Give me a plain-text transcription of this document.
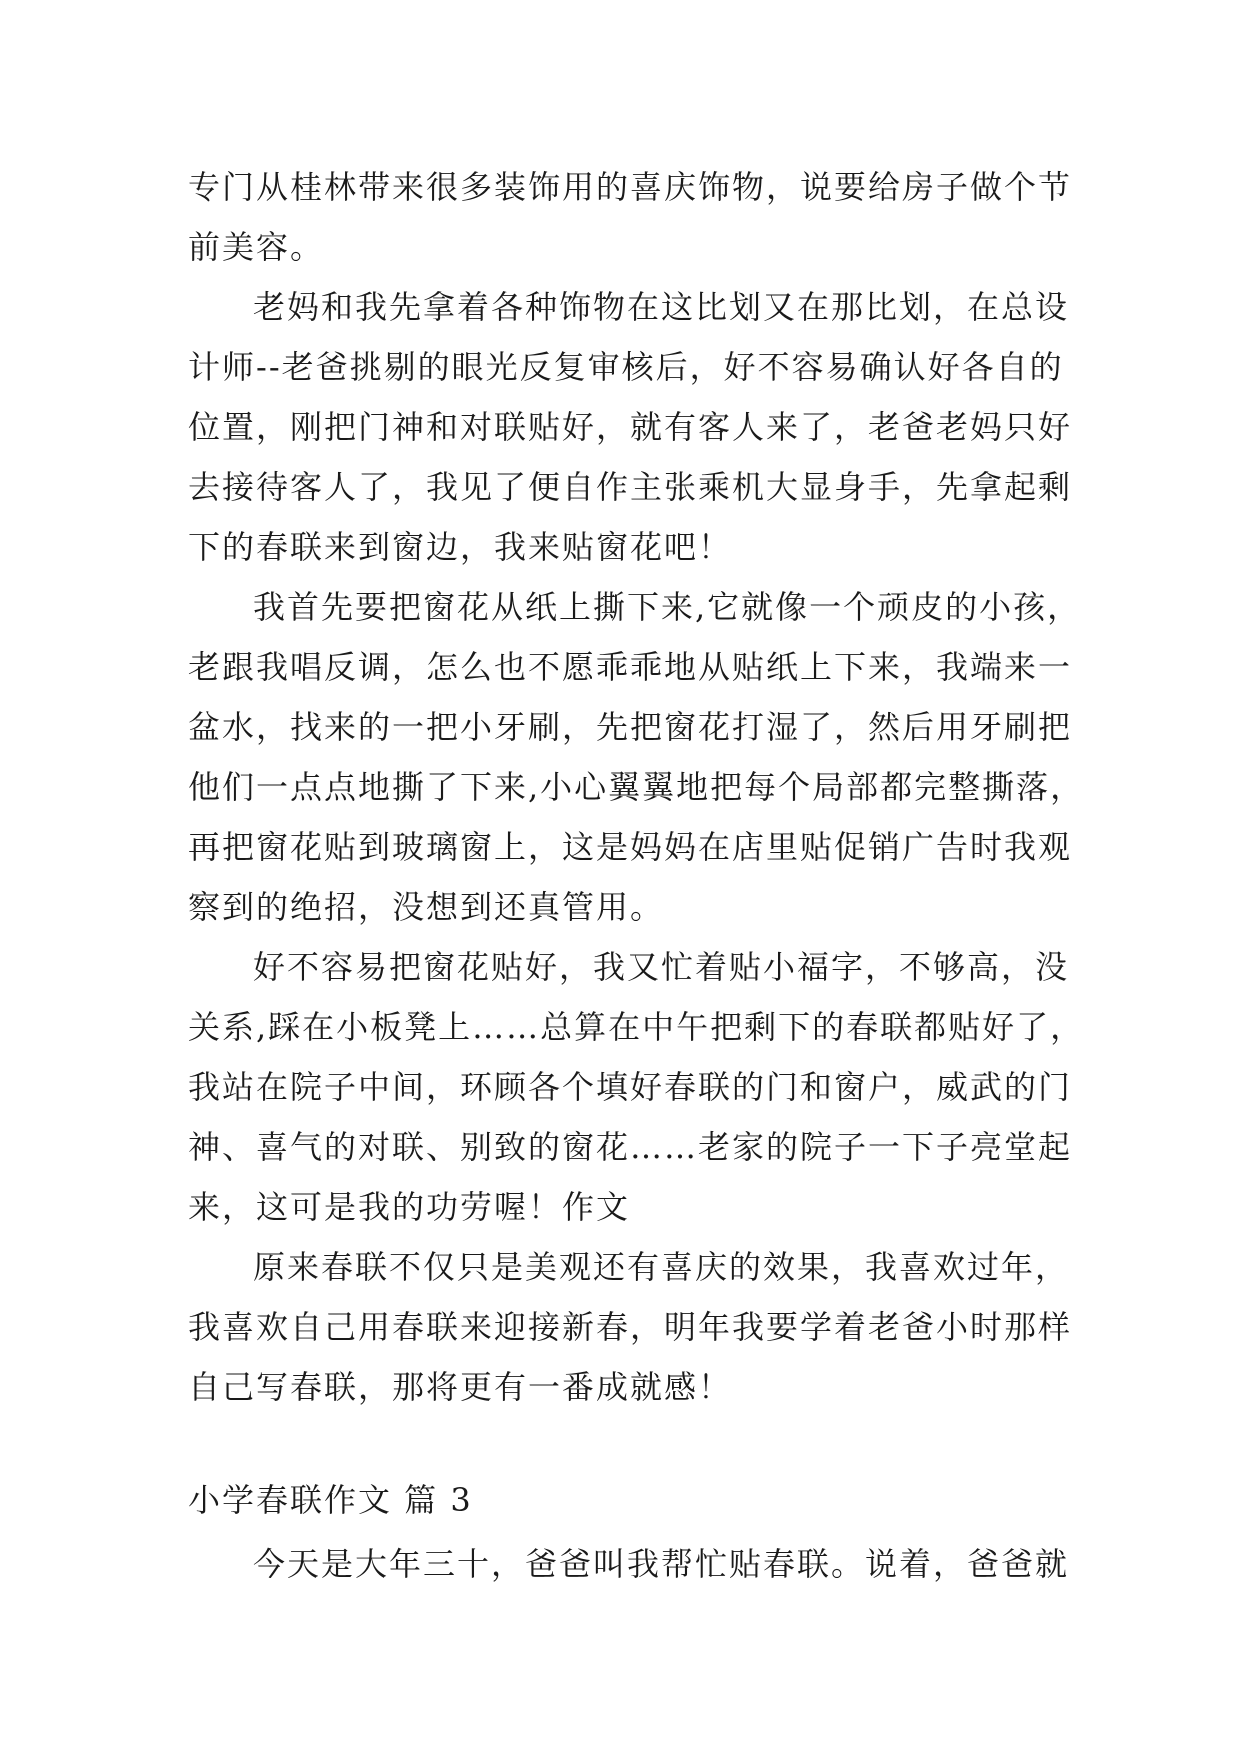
专门从桂林带来很多装饰用的喜庆饰物，说要给房子做个节
前美容。
老妈和我先拿着各种饰物在这比划又在那比划，在总设
计师--老爸挑剔的眼光反复审核后，好不容易确认好各自的
位置，刚把门神和对联贴好，就有客人来了，老爸老妈只好
去接待客人了，我见了便自作主张乘机大显身手，先拿起剩
下的春联来到窗边，我来贴窗花吧！
我首先要把窗花从纸上撕下来,它就像一个顽皮的小孩，
老跟我唱反调，怎么也不愿乖乖地从贴纸上下来，我端来一
盆水，找来的一把小牙刷，先把窗花打湿了，然后用牙刷把
他们一点点地撕了下来,小心翼翼地把每个局部都完整撕落，
再把窗花贴到玻璃窗上，这是妈妈在店里贴促销广告时我观
察到的绝招，没想到还真管用。
好不容易把窗花贴好，我又忙着贴小福字，不够高，没
关系,踩在小板凳上……总算在中午把剩下的春联都贴好了，
我站在院子中间，环顾各个填好春联的门和窗户，威武的门
神、喜气的对联、别致的窗花……老家的院子一下子亮堂起
来，这可是我的功劳喔！作文
原来春联不仅只是美观还有喜庆的效果，我喜欢过年，
我喜欢自己用春联来迎接新春，明年我要学着老爸小时那样
自己写春联，那将更有一番成就感！
小学春联作文 篇 3
今天是大年三十，爸爸叫我帮忙贴春联。说着，爸爸就
